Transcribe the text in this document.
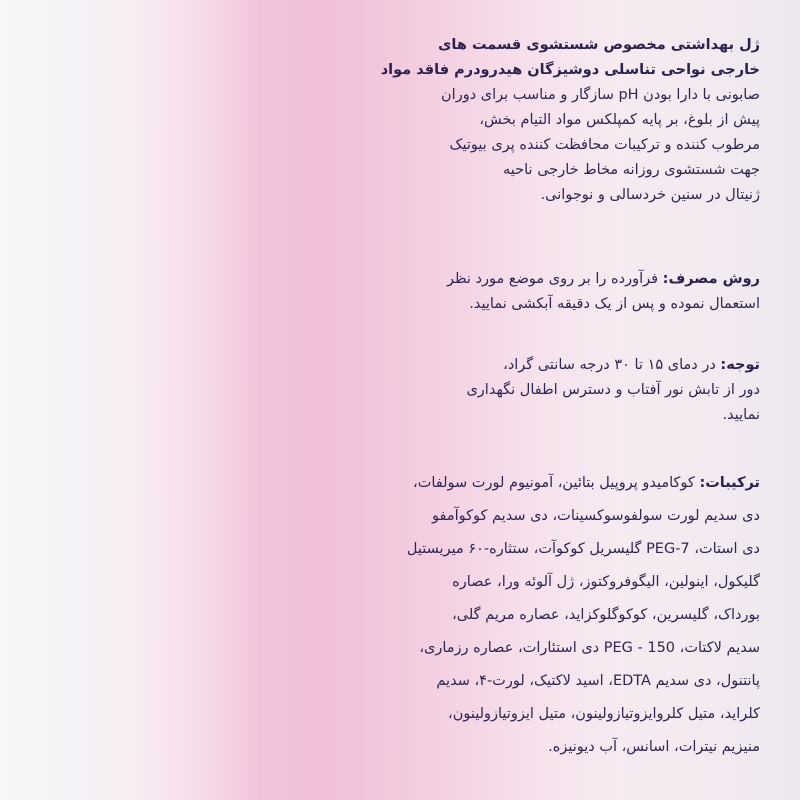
ژل بهداشتی مخصوص شستشوی قسمت های
خارجی نواحی تناسلی دوشیزگان هیدرودرم فاقد مواد
صابونی با دارا بودن pH سازگار و مناسب برای دوران
پیش از بلوغ، بر پایه کمپلکس مواد التیام بخش،
مرطوب کننده و ترکیبات محافظت کننده پری بیوتیک
جهت شستشوی روزانه مخاط خارجی ناحیه
ژنیتال در سنین خردسالی و نوجوانی.
روش مصرف: فرآورده را بر روی موضع مورد نظر
استعمال نموده و پس از یک دقیقه آبکشی نمایید.
توجه: در دمای ۱۵ تا ۳۰ درجه سانتی گراد،
دور از تابش نور آفتاب و دسترس اطفال نگهداری
نمایید.
ترکیبات: کوکامیدو پروپیل بتائین، آمونیوم لورت سولفات،
دی سدیم لورت سولفوسوکسینات، دی سدیم کوکوآمفو
دی استات، PEG-7 گلیسریل کوکوآت، ستثاره-۶۰ میریستیل
گلیکول، اینولین، الیگوفروکتوز، ژل آلوئه ورا، عصاره
بورداک، گلیسرین، کوکوگلوکزاید، عصاره مریم گلی،
سدیم لاکتات، PEG - 150 دی استئارات، عصاره رزماری،
پانتنول، دی سدیم EDTA، اسید لاکتیک، لورت-۴، سدیم
کلراید، متیل کلروایزوتیازولینون، متیل ایزوتیازولینون،
منیزیم نیترات، اسانس، آب دیونیزه.
